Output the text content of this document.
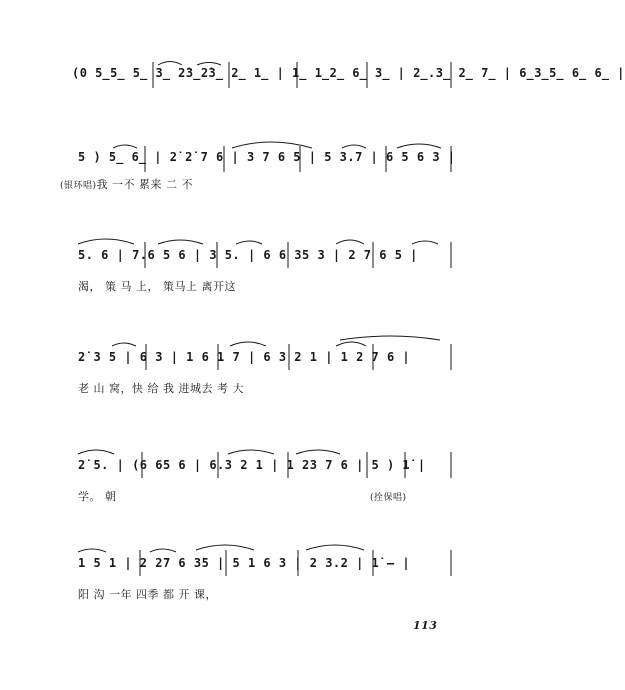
(0 5̲5̲ 5̲ 3̲ 2̇3̲2̇3̲ 2̲ 1̲ | 1̲ 1̲2̲ 6̲ 3̲ | 2̲.3̲ 2̲ 7̲ | 6̲3̲5̲ 6̲ 6̲ |
5 ) 5̲ 6̲ | 2̇ 2̇ 7 6 | 3 7 6 5 | 5 3.7 | 6 5 6 3 |
(银环唱)我 一不 累来 二 不
5. 6 | 7.6 5 6 | 3 5. | 6 6 35 3 | 2 7 6 5 |
渴， 策 马 上， 策马上 离开这
2̇ 3 5 | 6 3 | 1 6 1 7 | 6 3 2 1 | 1 2 7 6 |
老 山 窝，快 给 我 进城去 考 大
2̇ 5. | (6 65 6 | 6.3 2 1 | 1 23 7 6 | 5 ) 1̇ |
学。 朝	(拴保唱)
1 5 1 | 2 27 6 35 | 5 1 6 3 | 2 3.2 | 1̇ – |
阳 沟 一年 四季 都 开 课，
113
